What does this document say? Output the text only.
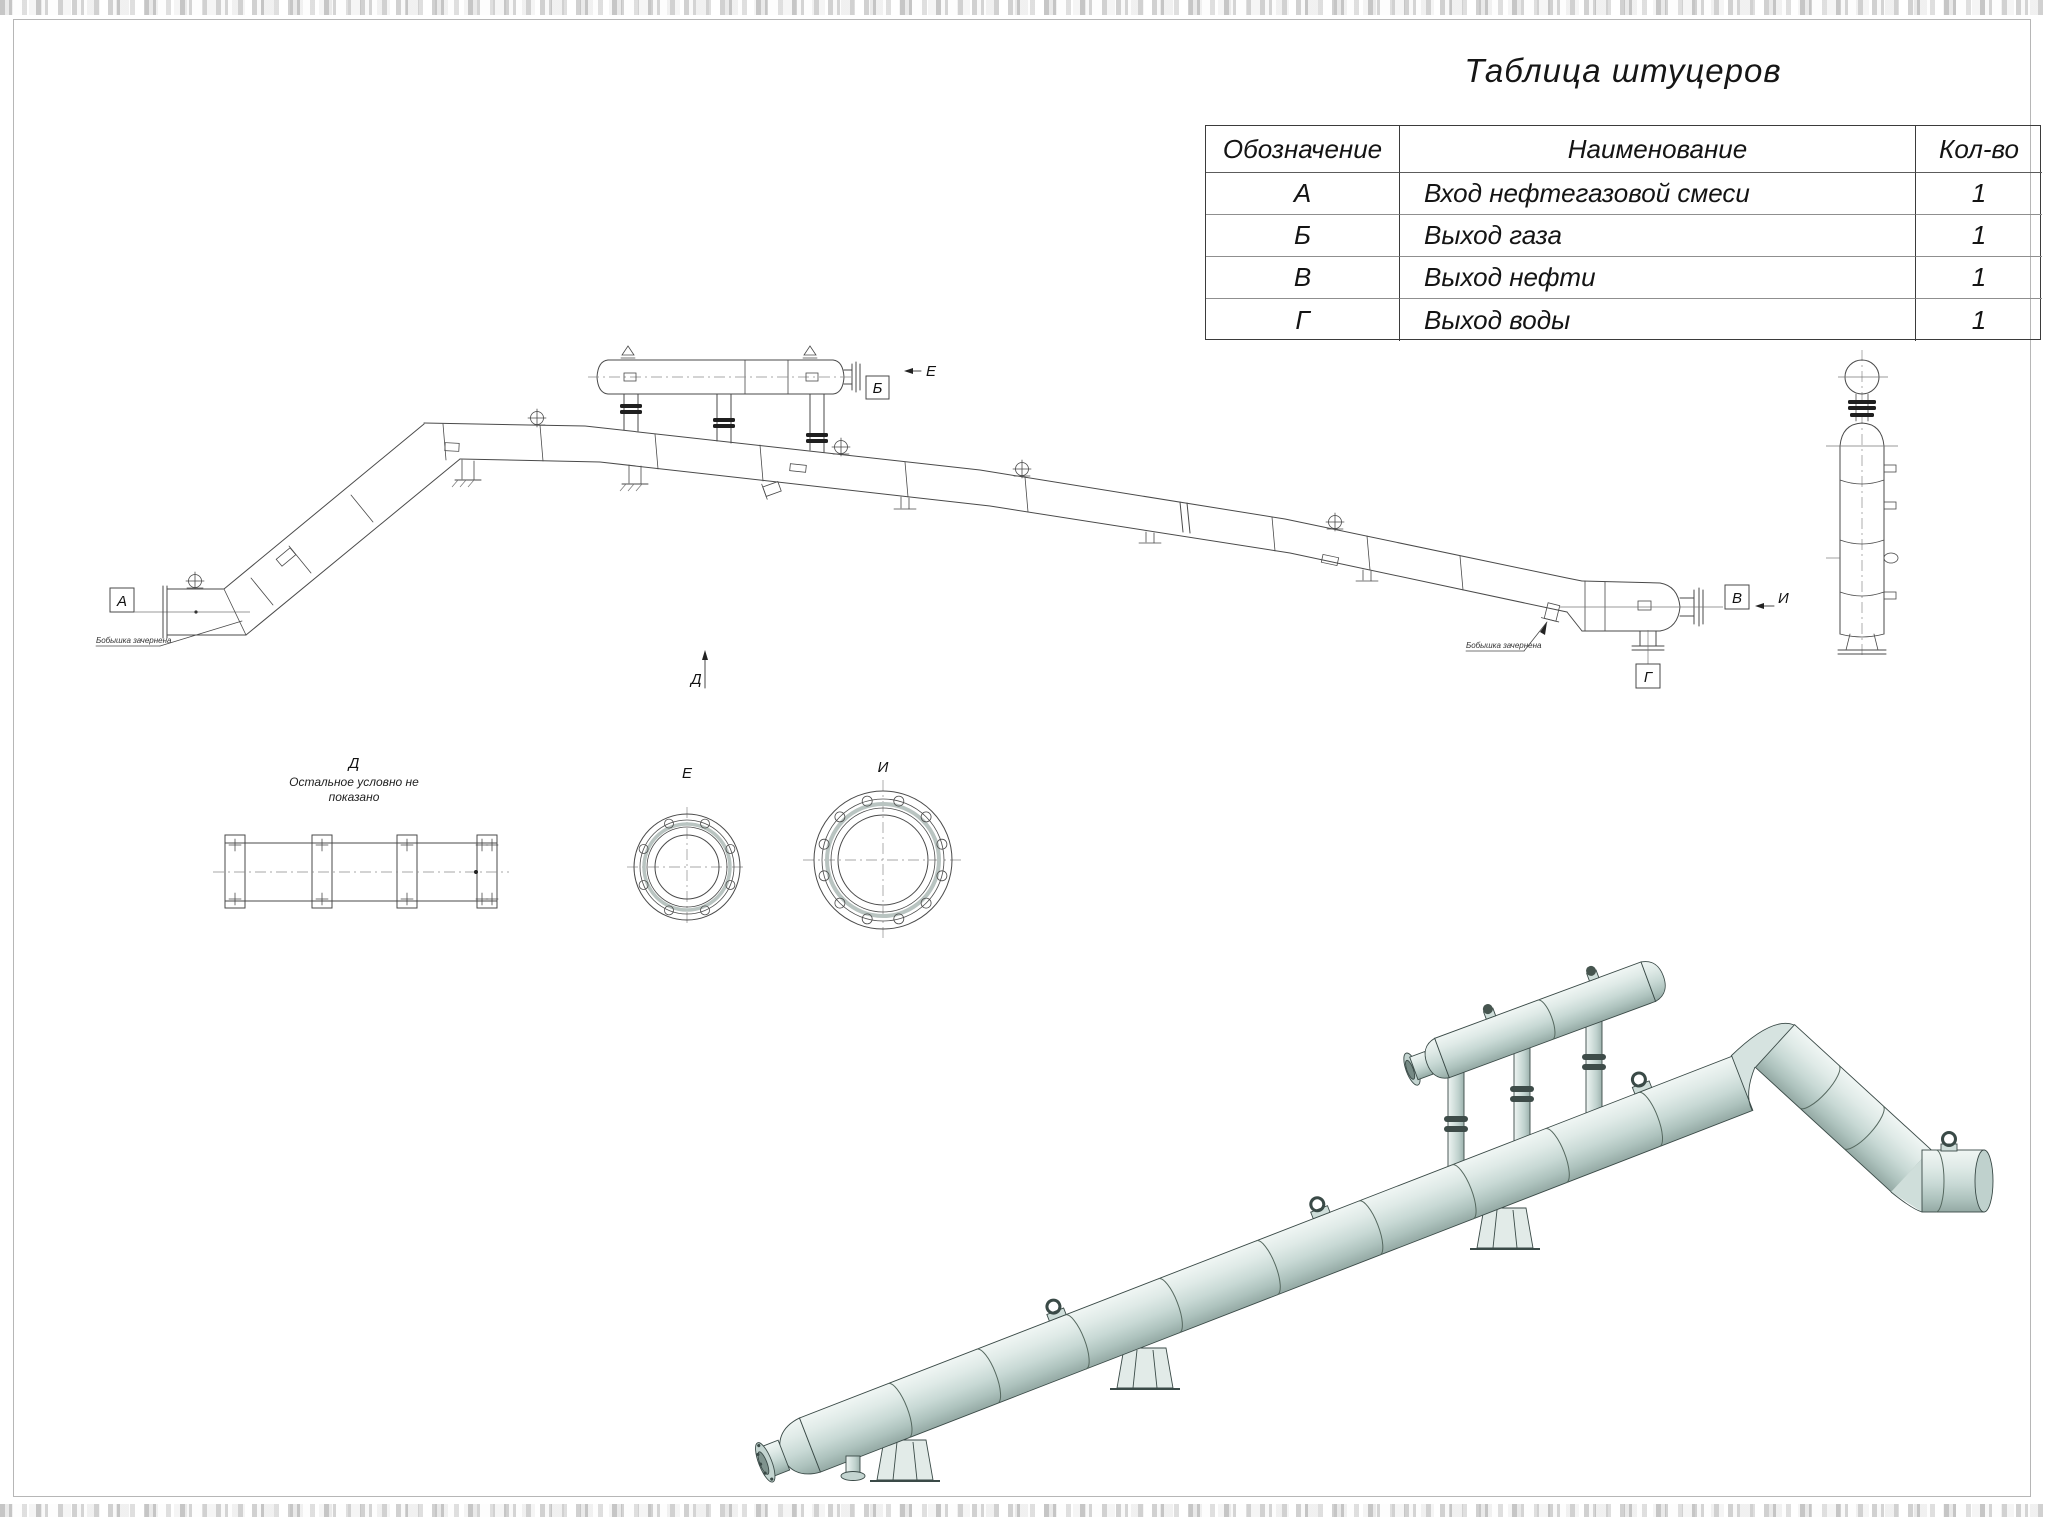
Таблица штуцеров
Обозначение	Наименование	Кол-во
А	Вход нефтегазовой смеси	1
Б	Выход газа	1
В	Выход нефти	1
Г	Выход воды	1
А
Бобышка зачернена
Б
Е
В И
Г
Бобышка зачернена
Д
Д
Остальное условно не
показано
Е	И
